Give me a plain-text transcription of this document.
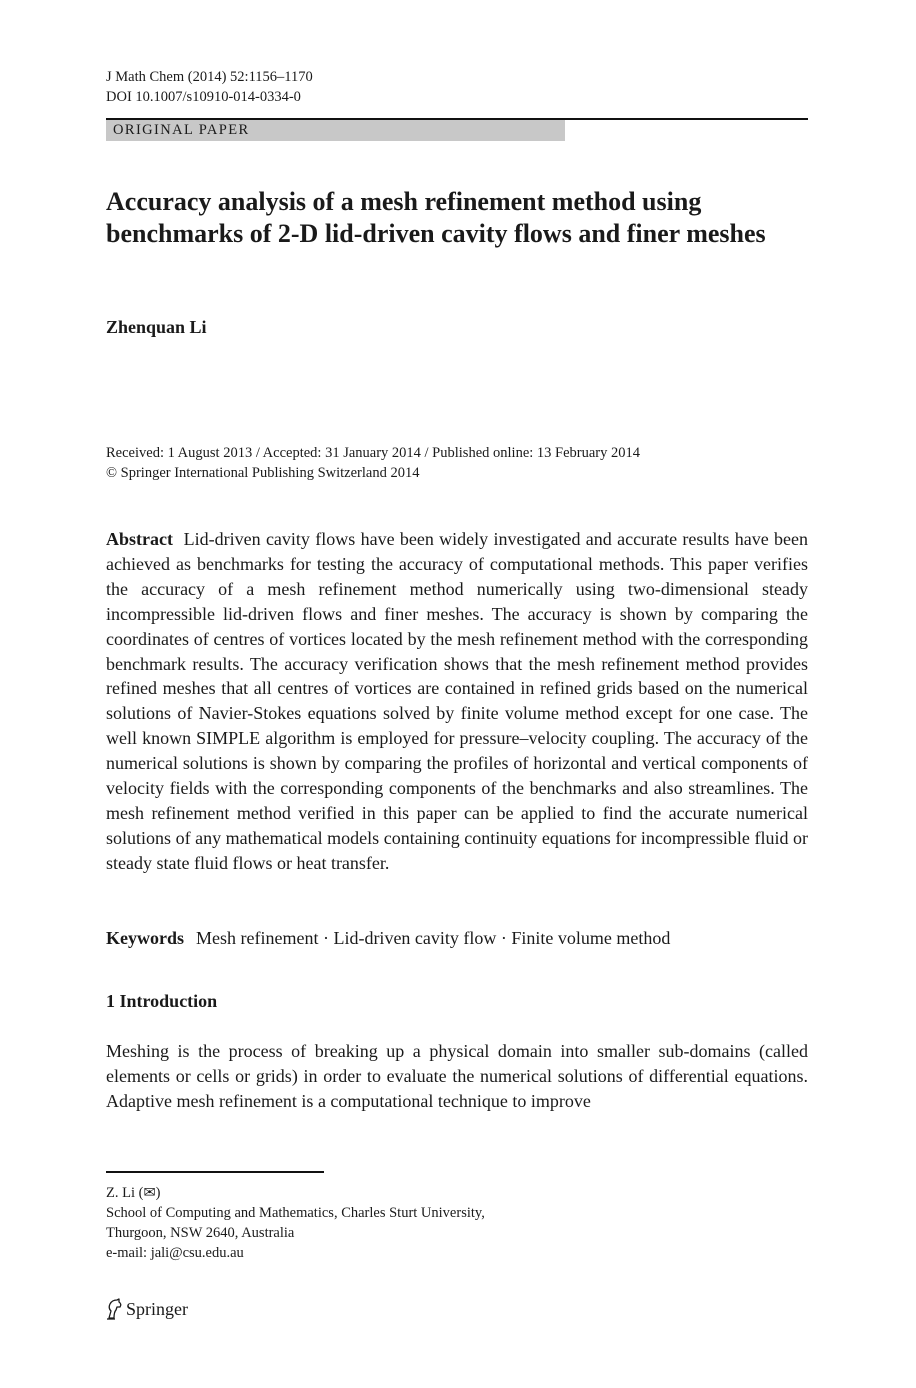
J Math Chem (2014) 52:1156–1170
DOI 10.1007/s10910-014-0334-0
ORIGINAL PAPER
Accuracy analysis of a mesh refinement method using benchmarks of 2-D lid-driven cavity flows and finer meshes
Zhenquan Li
Received: 1 August 2013 / Accepted: 31 January 2014 / Published online: 13 February 2014
© Springer International Publishing Switzerland 2014

Abstract Lid-driven cavity flows have been widely investigated and accurate results have been achieved as benchmarks for testing the accuracy of computational methods. This paper verifies the accuracy of a mesh refinement method numerically using two-dimensional steady incompressible lid-driven flows and finer meshes. The accuracy is shown by comparing the coordinates of centres of vortices located by the mesh refinement method with the corresponding benchmark results. The accuracy verification shows that the mesh refinement method provides refined meshes that all centres of vortices are contained in refined grids based on the numerical solutions of Navier-Stokes equations solved by finite volume method except for one case. The well known SIMPLE algorithm is employed for pressure–velocity coupling. The accuracy of the numerical solutions is shown by comparing the profiles of horizontal and vertical components of velocity fields with the corresponding components of the benchmarks and also streamlines. The mesh refinement method verified in this paper can be applied to find the accurate numerical solutions of any mathematical models containing continuity equations for incompressible fluid or steady state fluid flows or heat transfer.

Keywords Mesh refinement · Lid-driven cavity flow · Finite volume method
1 Introduction

Meshing is the process of breaking up a physical domain into smaller sub-domains (called elements or cells or grids) in order to evaluate the numerical solutions of differential equations. Adaptive mesh refinement is a computational technique to improve

Z. Li (✉)
School of Computing and Mathematics, Charles Sturt University,
Thurgoon, NSW 2640, Australia
e-mail: jali@csu.edu.au
Springer
